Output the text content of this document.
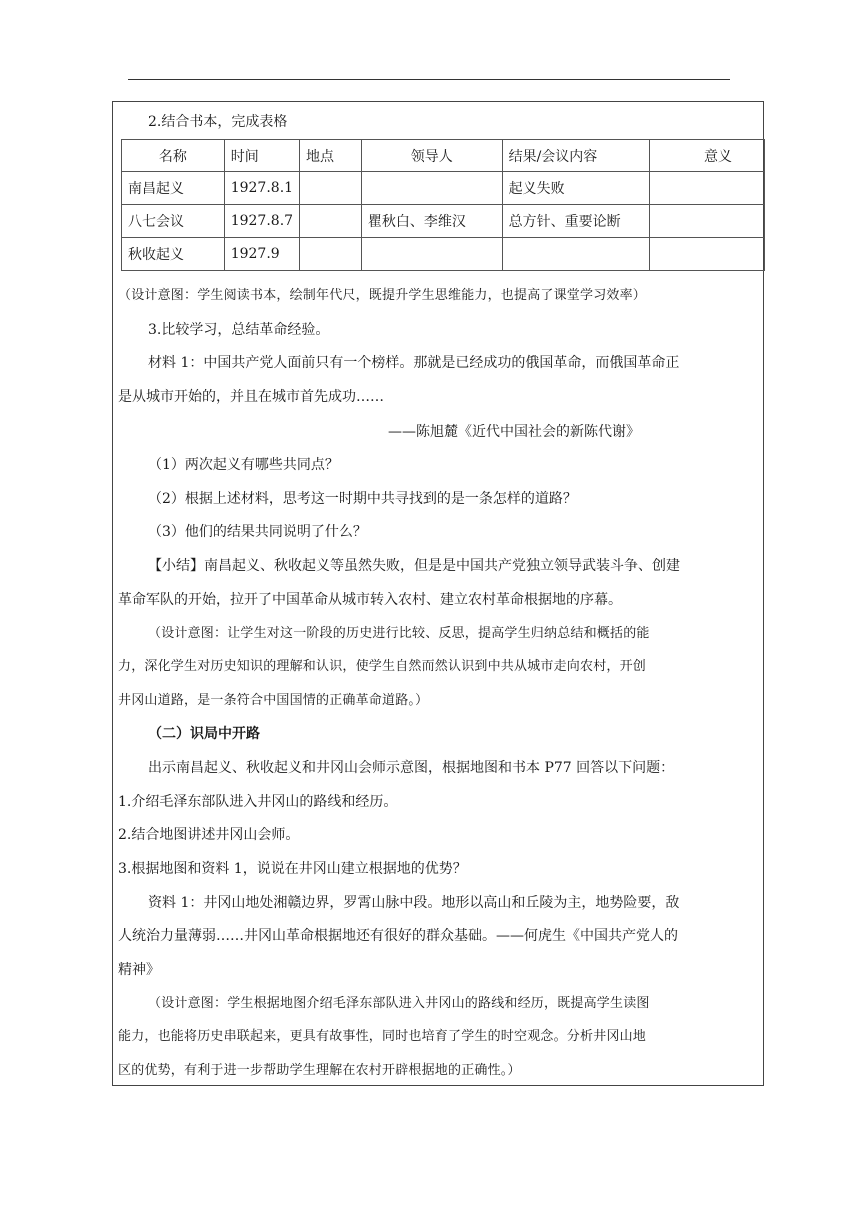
2.结合书本，完成表格
名称	时间	地点	领导人	结果/会议内容	意义
南昌起义	1927.8.1			起义失败	
八七会议	1927.8.7		瞿秋白、李维汉	总方针、重要论断	
秋收起义	1927.9				
（设计意图：学生阅读书本，绘制年代尺，既提升学生思维能力，也提高了课堂学习效率）
3.比较学习，总结革命经验。
材料 1：中国共产党人面前只有一个榜样。那就是已经成功的俄国革命，而俄国革命正
是从城市开始的，并且在城市首先成功……
——陈旭麓《近代中国社会的新陈代谢》
（1）两次起义有哪些共同点？
（2）根据上述材料，思考这一时期中共寻找到的是一条怎样的道路？
（3）他们的结果共同说明了什么？
【小结】南昌起义、秋收起义等虽然失败，但是是中国共产党独立领导武装斗争、创建
革命军队的开始，拉开了中国革命从城市转入农村、建立农村革命根据地的序幕。
（设计意图：让学生对这一阶段的历史进行比较、反思，提高学生归纳总结和概括的能
力，深化学生对历史知识的理解和认识，使学生自然而然认识到中共从城市走向农村，开创
井冈山道路，是一条符合中国国情的正确革命道路。）
（二）识局中开路
出示南昌起义、秋收起义和井冈山会师示意图，根据地图和书本 P77 回答以下问题：
1.介绍毛泽东部队进入井冈山的路线和经历。
2.结合地图讲述井冈山会师。
3.根据地图和资料 1，说说在井冈山建立根据地的优势？
资料 1：井冈山地处湘赣边界，罗霄山脉中段。地形以高山和丘陵为主，地势险要，敌
人统治力量薄弱……井冈山革命根据地还有很好的群众基础。——何虎生《中国共产党人的
精神》
（设计意图：学生根据地图介绍毛泽东部队进入井冈山的路线和经历，既提高学生读图
能力，也能将历史串联起来，更具有故事性，同时也培育了学生的时空观念。分析井冈山地
区的优势，有利于进一步帮助学生理解在农村开辟根据地的正确性。）
